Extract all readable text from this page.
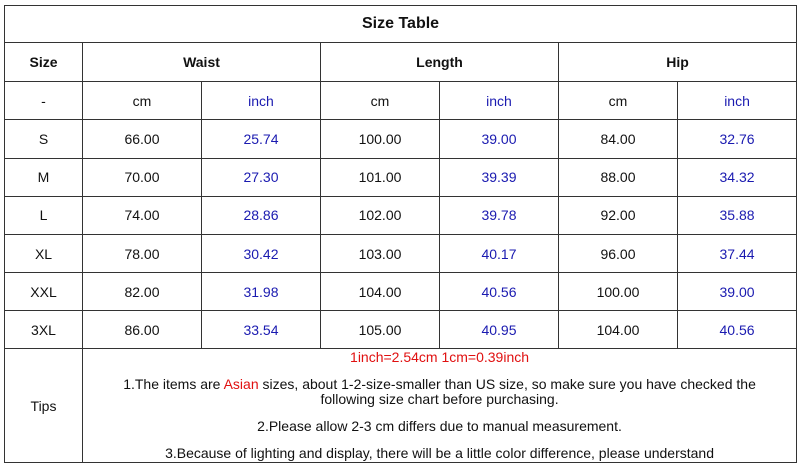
Size Table						
Size	Waist		Length		Hip	
-	cm	inch	cm	inch	cm	inch
S	66.00	25.74	100.00	39.00	84.00	32.76
M	70.00	27.30	101.00	39.39	88.00	34.32
L	74.00	28.86	102.00	39.78	92.00	35.88
XL	78.00	30.42	103.00	40.17	96.00	37.44
XXL	82.00	31.98	104.00	40.56	100.00	39.00
3XL	86.00	33.54	105.00	40.95	104.00	40.56
Tips	1inch=2.54cm 1cm=0.39inch

1.The items are Asian sizes, about 1-2-size-smaller than US size, so make sure you have checked the following size chart before purchasing.

2.Please allow 2-3 cm differs due to manual measurement.

3.Because of lighting and display, there will be a little color difference, please understand					
